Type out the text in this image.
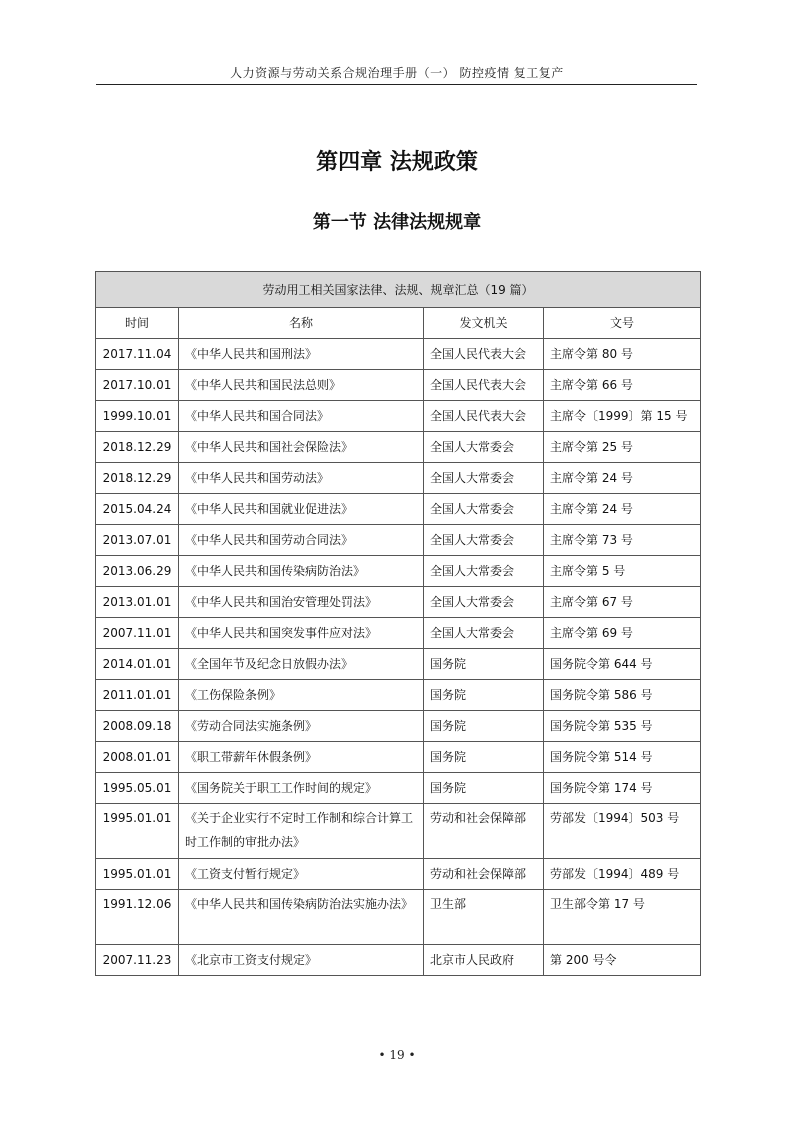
人力资源与劳动关系合规治理手册（一） 防控疫情 复工复产
第四章 法规政策
第一节 法律法规规章
劳动用工相关国家法律、法规、规章汇总（19 篇）			
时间	名称	发文机关	文号
2017.11.04	《中华人民共和国刑法》	全国人民代表大会	主席令第 80 号
2017.10.01	《中华人民共和国民法总则》	全国人民代表大会	主席令第 66 号
1999.10.01	《中华人民共和国合同法》	全国人民代表大会	主席令〔1999〕第 15 号
2018.12.29	《中华人民共和国社会保险法》	全国人大常委会	主席令第 25 号
2018.12.29	《中华人民共和国劳动法》	全国人大常委会	主席令第 24 号
2015.04.24	《中华人民共和国就业促进法》	全国人大常委会	主席令第 24 号
2013.07.01	《中华人民共和国劳动合同法》	全国人大常委会	主席令第 73 号
2013.06.29	《中华人民共和国传染病防治法》	全国人大常委会	主席令第 5 号
2013.01.01	《中华人民共和国治安管理处罚法》	全国人大常委会	主席令第 67 号
2007.11.01	《中华人民共和国突发事件应对法》	全国人大常委会	主席令第 69 号
2014.01.01	《全国年节及纪念日放假办法》	国务院	国务院令第 644 号
2011.01.01	《工伤保险条例》	国务院	国务院令第 586 号
2008.09.18	《劳动合同法实施条例》	国务院	国务院令第 535 号
2008.01.01	《职工带薪年休假条例》	国务院	国务院令第 514 号
1995.05.01	《国务院关于职工工作时间的规定》	国务院	国务院令第 174 号
1995.01.01	《关于企业实行不定时工作制和综合计算工时工作制的审批办法》	劳动和社会保障部	劳部发〔1994〕503 号
1995.01.01	《工资支付暂行规定》	劳动和社会保障部	劳部发〔1994〕489 号
1991.12.06	《中华人民共和国传染病防治法实施办法》	卫生部	卫生部令第 17 号
2007.11.23	《北京市工资支付规定》	北京市人民政府	第 200 号令
• 19 •
